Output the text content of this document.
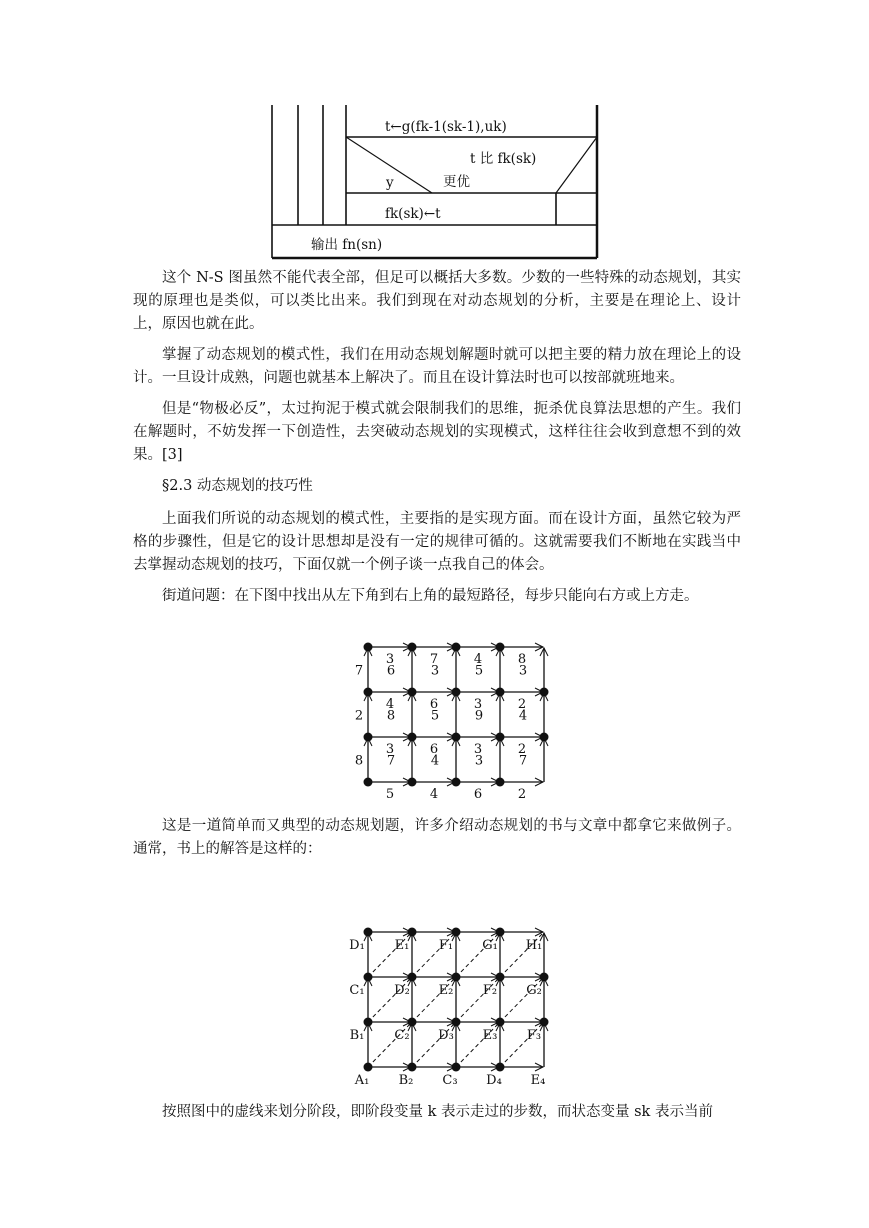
t←g(fk-1(sk-1),uk)
t 比 fk(sk)
y	更优
fk(sk)←t
输出 fn(sn)

这个 N-S 图虽然不能代表全部，但足可以概括大多数。少数的一些特殊的动态规划，其实现的原理也是类似，可以类比出来。我们到现在对动态规划的分析，主要是在理论上、设计上，原因也就在此。

掌握了动态规划的模式性，我们在用动态规划解题时就可以把主要的精力放在理论上的设计。一旦设计成熟，问题也就基本上解决了。而且在设计算法时也可以按部就班地来。

但是“物极必反”，太过拘泥于模式就会限制我们的思维，扼杀优良算法思想的产生。我们在解题时，不妨发挥一下创造性，去突破动态规划的实现模式，这样往往会收到意想不到的效果。[3]

§2.3 动态规划的技巧性

上面我们所说的动态规划的模式性，主要指的是实现方面。而在设计方面，虽然它较为严格的步骤性，但是它的设计思想却是没有一定的规律可循的。这就需要我们不断地在实践当中去掌握动态规划的技巧，下面仅就一个例子谈一点我自己的体会。

街道问题：在下图中找出从左下角到右上角的最短路径，每步只能向右方或上方走。

3	7	4	8
4	6	3	2
3	6	3	2
5	4	6	2
7 6	3	5	3
2 8	5	9	4
8 7	4	3	7

这是一道简单而又典型的动态规划题，许多介绍动态规划的书与文章中都拿它来做例子。通常，书上的解答是这样的：

D₁ E₁ F₁ G₁ H₁
C₁ D₂ E₂ F₂ G₂
B₁ C₂ D₃ E₃ F₃
A₁ B₂ C₃ D₄ E₄

按照图中的虚线来划分阶段，即阶段变量 k 表示走过的步数，而状态变量 sk 表示当前
